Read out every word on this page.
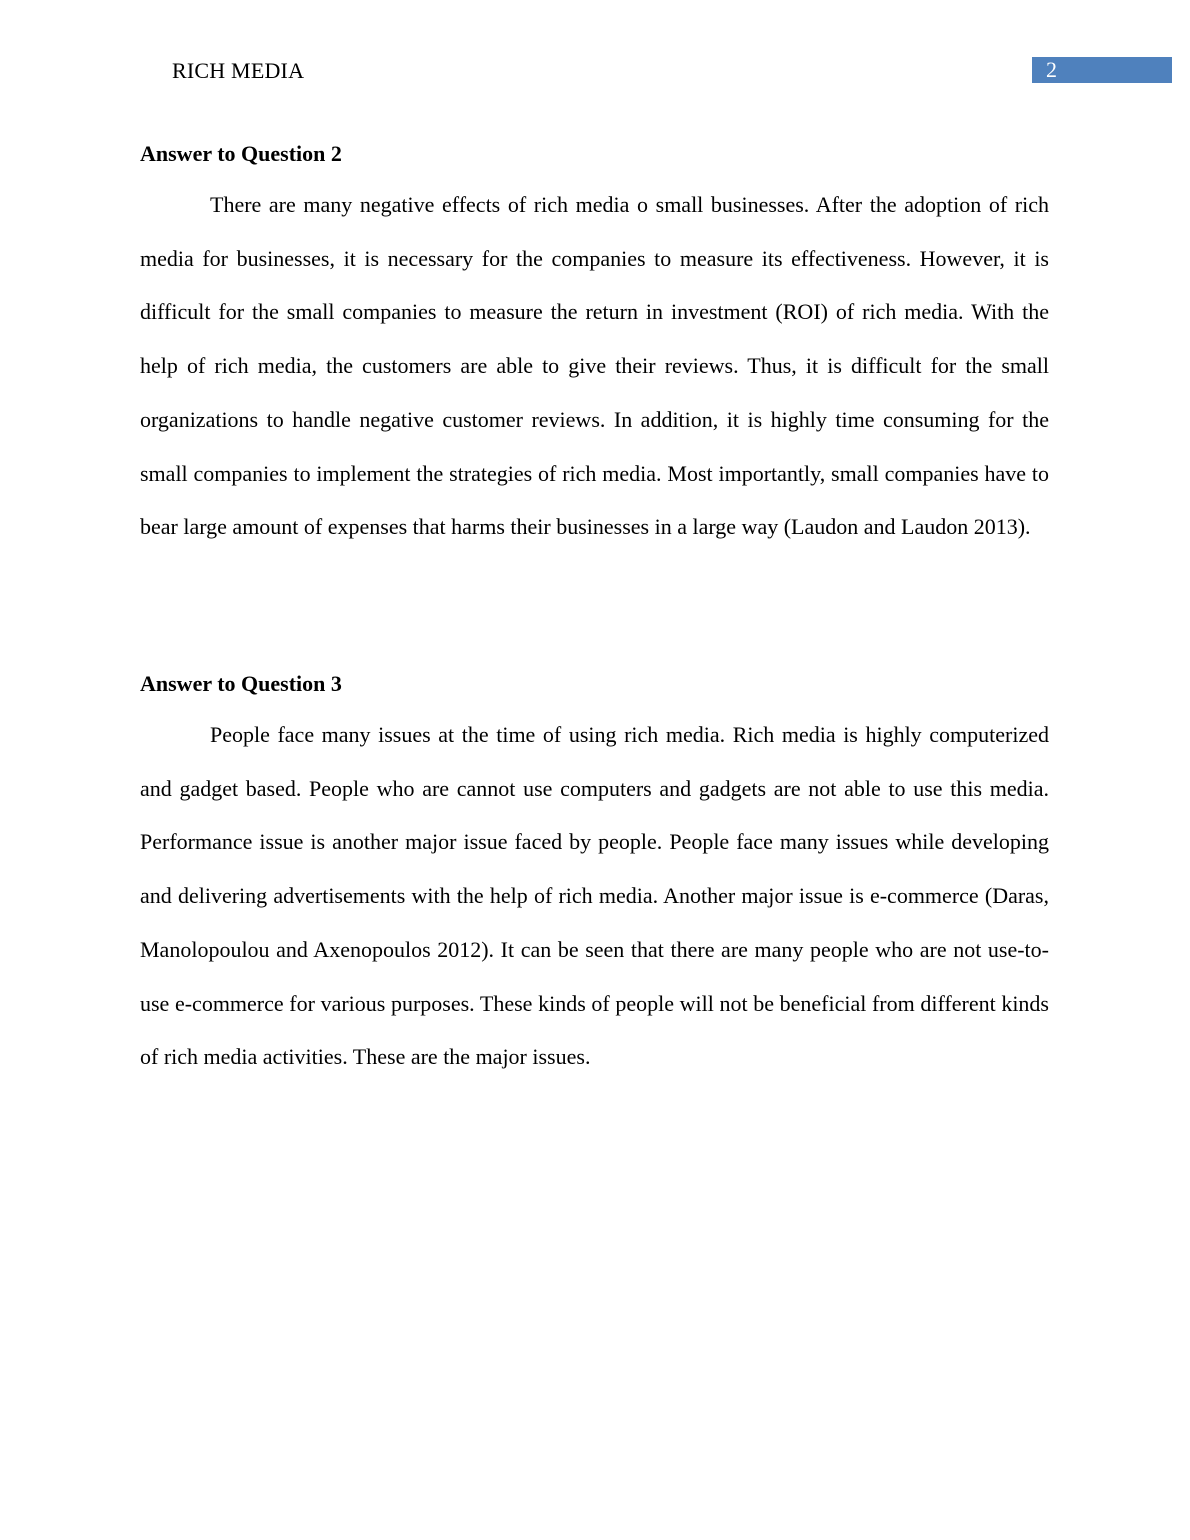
RICH MEDIA	2
Answer to Question 2

There are many negative effects of rich media o small businesses. After the adoption of rich media for businesses, it is necessary for the companies to measure its effectiveness. However, it is difficult for the small companies to measure the return in investment (ROI) of rich media. With the help of rich media, the customers are able to give their reviews. Thus, it is difficult for the small organizations to handle negative customer reviews. In addition, it is highly time consuming for the small companies to implement the strategies of rich media. Most importantly, small companies have to bear large amount of expenses that harms their businesses in a large way (Laudon and Laudon 2013).

Answer to Question 3

People face many issues at the time of using rich media. Rich media is highly computerized and gadget based. People who are cannot use computers and gadgets are not able to use this media. Performance issue is another major issue faced by people. People face many issues while developing and delivering advertisements with the help of rich media. Another major issue is e-commerce (Daras, Manolopoulou and Axenopoulos 2012). It can be seen that there are many people who are not use-to-use e-commerce for various purposes. These kinds of people will not be beneficial from different kinds of rich media activities. These are the major issues.
